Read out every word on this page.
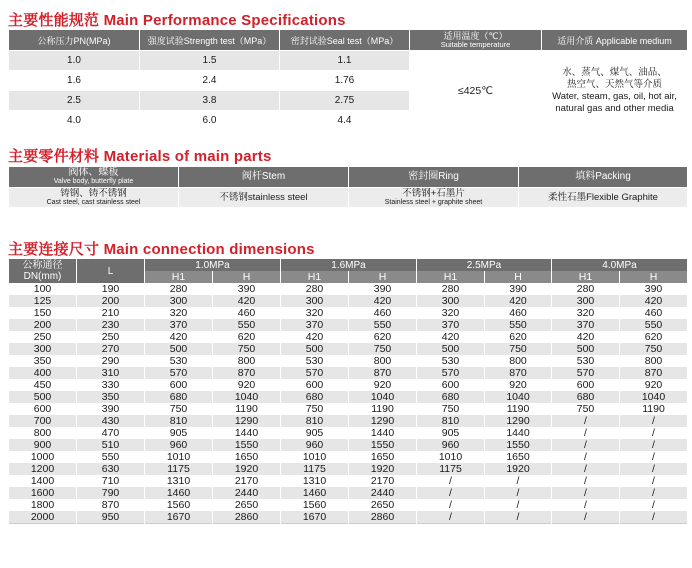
主要性能规范 Main Performance Specifications
公称压力PN(MPa)	强度试验Strength test（MPa）	密封试验Seal test（MPa）	适用温度（℃）
Suitable temperature	适用介质 Applicable medium
1.0	1.5	1.1	≤425℃	水、蒸气、煤气、油品、热空气、天然气等介质
Water, steam, gas, oil, hot air, natural gas and other media

1.6	2.4	1.76		
2.5	3.8	2.75		
4.0	6.0	4.4		
主要零件材料 Materials of main parts
阀体、蝶板
Valve body, butterfly plate	阀杆Stem	密封圈Ring	填料Packing

铸钢、铸不锈钢
Cast steel, cast stainless steel	不锈钢stainless steel	不锈钢+石墨片
Stainless steel + graphite sheet	柔性石墨Flexible Graphite
主要连接尺寸 Main connection dimensions
公称通径
DN(mm)	L	1.0MPa		1.6MPa		2.5MPa		4.0MPa	
		H1	H	H1	H	H1	H	H1	H
100	190	280	390	280	390	280	390	280	390
125	200	300	420	300	420	300	420	300	420
150	210	320	460	320	460	320	460	320	460
200	230	370	550	370	550	370	550	370	550
250	250	420	620	420	620	420	620	420	620
300	270	500	750	500	750	500	750	500	750
350	290	530	800	530	800	530	800	530	800
400	310	570	870	570	870	570	870	570	870
450	330	600	920	600	920	600	920	600	920
500	350	680	1040	680	1040	680	1040	680	1040
600	390	750	1190	750	1190	750	1190	750	1190
700	430	810	1290	810	1290	810	1290	/	/
800	470	905	1440	905	1440	905	1440	/	/
900	510	960	1550	960	1550	960	1550	/	/
1000	550	1010	1650	1010	1650	1010	1650	/	/
1200	630	1175	1920	1175	1920	1175	1920	/	/
1400	710	1310	2170	1310	2170	/	/	/	/
1600	790	1460	2440	1460	2440	/	/	/	/
1800	870	1560	2650	1560	2650	/	/	/	/
2000	950	1670	2860	1670	2860	/	/	/	/
